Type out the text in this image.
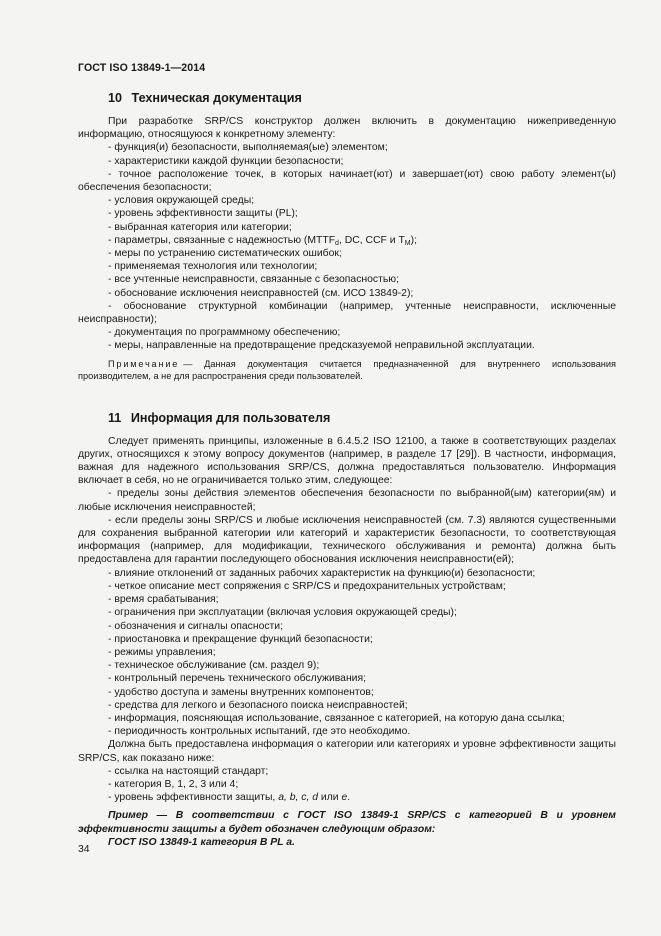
ГОСТ ISO 13849-1—2014
10 Техническая документация

При разработке SRP/CS конструктор должен включить в документацию нижеприведенную информацию, относящуюся к конкретному элементу:

- функция(и) безопасности, выполняемая(ые) элементом;

- характеристики каждой функции безопасности;

- точное расположение точек, в которых начинает(ют) и завершает(ют) свою работу элемент(ы) обеспечения безопасности;

- условия окружающей среды;

- уровень эффективности защиты (PL);

- выбранная категория или категории;

- параметры, связанные с надежностью ($MTTF_d$, DC, CCF и $T_M$);

- меры по устранению систематических ошибок;

- применяемая технология или технологии;

- все учтенные неисправности, связанные с безопасностью;

- обоснование исключения неисправностей (см. ИСО 13849-2);

- обоснование структурной комбинации (например, учтенные неисправности, исключенные неисправности);

- документация по программному обеспечению;

- меры, направленные на предотвращение предсказуемой неправильной эксплуатации.

Примечание — Данная документация считается предназначенной для внутреннего использования производителем, а не для распространения среди пользователей.

11 Информация для пользователя

Следует применять принципы, изложенные в 6.4.5.2 ISO 12100, а также в соответствующих разделах других, относящихся к этому вопросу документов (например, в разделе 17 [29]). В частности, информация, важная для надежного использования SRP/CS, должна предоставляться пользователю. Информация включает в себя, но не ограничивается только этим, следующее:

- пределы зоны действия элементов обеспечения безопасности по выбранной(ым) категории(ям) и любые исключения неисправностей;

- если пределы зоны SRP/CS и любые исключения неисправностей (см. 7.3) являются существенными для сохранения выбранной категории или категорий и характеристик безопасности, то соответствующая информация (например, для модификации, технического обслуживания и ремонта) должна быть предоставлена для гарантии последующего обоснования исключения неисправности(ей);

- влияние отклонений от заданных рабочих характеристик на функцию(и) безопасности;

- четкое описание мест сопряжения с SRP/CS и предохранительных устройствам;

- время срабатывания;

- ограничения при эксплуатации (включая условия окружающей среды);

- обозначения и сигналы опасности;

- приостановка и прекращение функций безопасности;

- режимы управления;

- техническое обслуживание (см. раздел 9);

- контрольный перечень технического обслуживания;

- удобство доступа и замены внутренних компонентов;

- средства для легкого и безопасного поиска неисправностей;

- информация, поясняющая использование, связанное с категорией, на которую дана ссылка;

- периодичность контрольных испытаний, где это необходимо.

Должна быть предоставлена информация о категории или категориях и уровне эффективности защиты SRP/CS, как показано ниже:

- ссылка на настоящий стандарт;

- категория В, 1, 2, 3 или 4;

- уровень эффективности защиты, a, b, c, d или e.

Пример — В соответствии с ГОСТ ISO 13849-1 SRP/CS с категорией В и уровнем эффективности защиты а будет обозначен следующим образом:

ГОСТ ISO 13849-1 категория В PL а.

34
